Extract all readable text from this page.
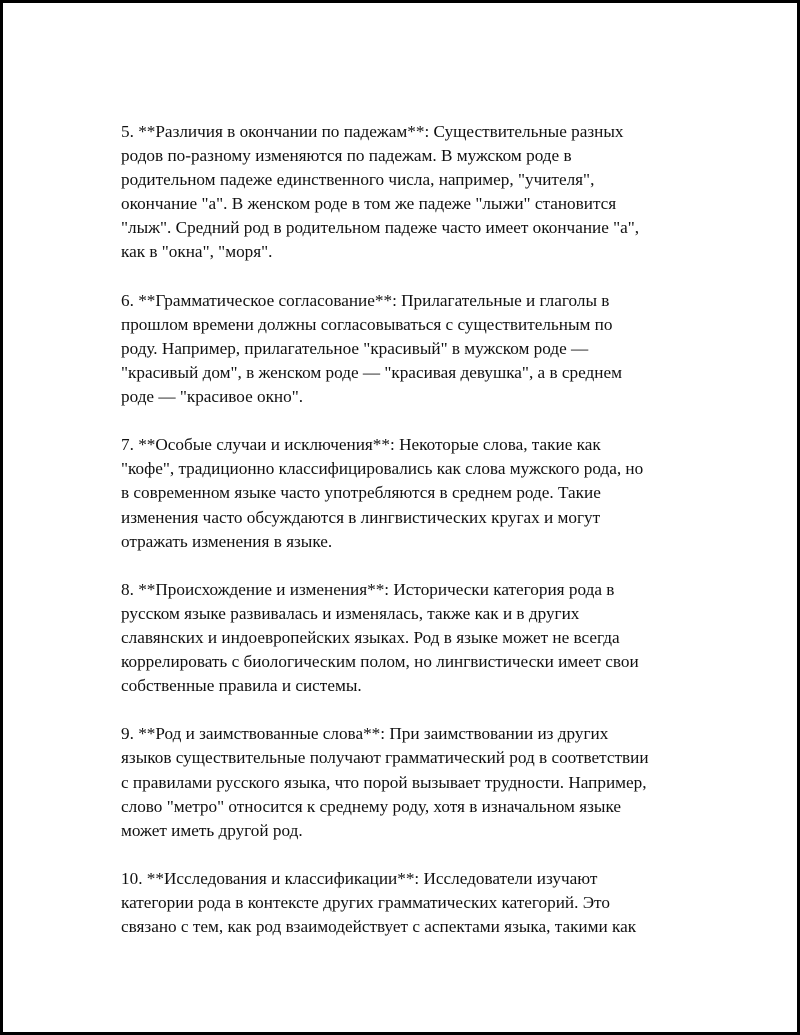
5. **Различия в окончании по падежам**: Существительные разных
родов по-разному изменяются по падежам. В мужском роде в
родительном падеже единственного числа, например, "учителя",
окончание "а". В женском роде в том же падеже "лыжи" становится
"лыж". Средний род в родительном падеже часто имеет окончание "а",
как в "окна", "моря".

6. **Грамматическое согласование**: Прилагательные и глаголы в
прошлом времени должны согласовываться с существительным по
роду. Например, прилагательное "красивый" в мужском роде —
"красивый дом", в женском роде — "красивая девушка", а в среднем
роде — "красивое окно".

7. **Особые случаи и исключения**: Некоторые слова, такие как
"кофе", традиционно классифицировались как слова мужского рода, но
в современном языке часто употребляются в среднем роде. Такие
изменения часто обсуждаются в лингвистических кругах и могут
отражать изменения в языке.

8. **Происхождение и изменения**: Исторически категория рода в
русском языке развивалась и изменялась, также как и в других
славянских и индоевропейских языках. Род в языке может не всегда
коррелировать с биологическим полом, но лингвистически имеет свои
собственные правила и системы.

9. **Род и заимствованные слова**: При заимствовании из других
языков существительные получают грамматический род в соответствии
с правилами русского языка, что порой вызывает трудности. Например,
слово "метро" относится к среднему роду, хотя в изначальном языке
может иметь другой род.

10. **Исследования и классификации**: Исследователи изучают
категории рода в контексте других грамматических категорий. Это
связано с тем, как род взаимодействует с аспектами языка, такими как
